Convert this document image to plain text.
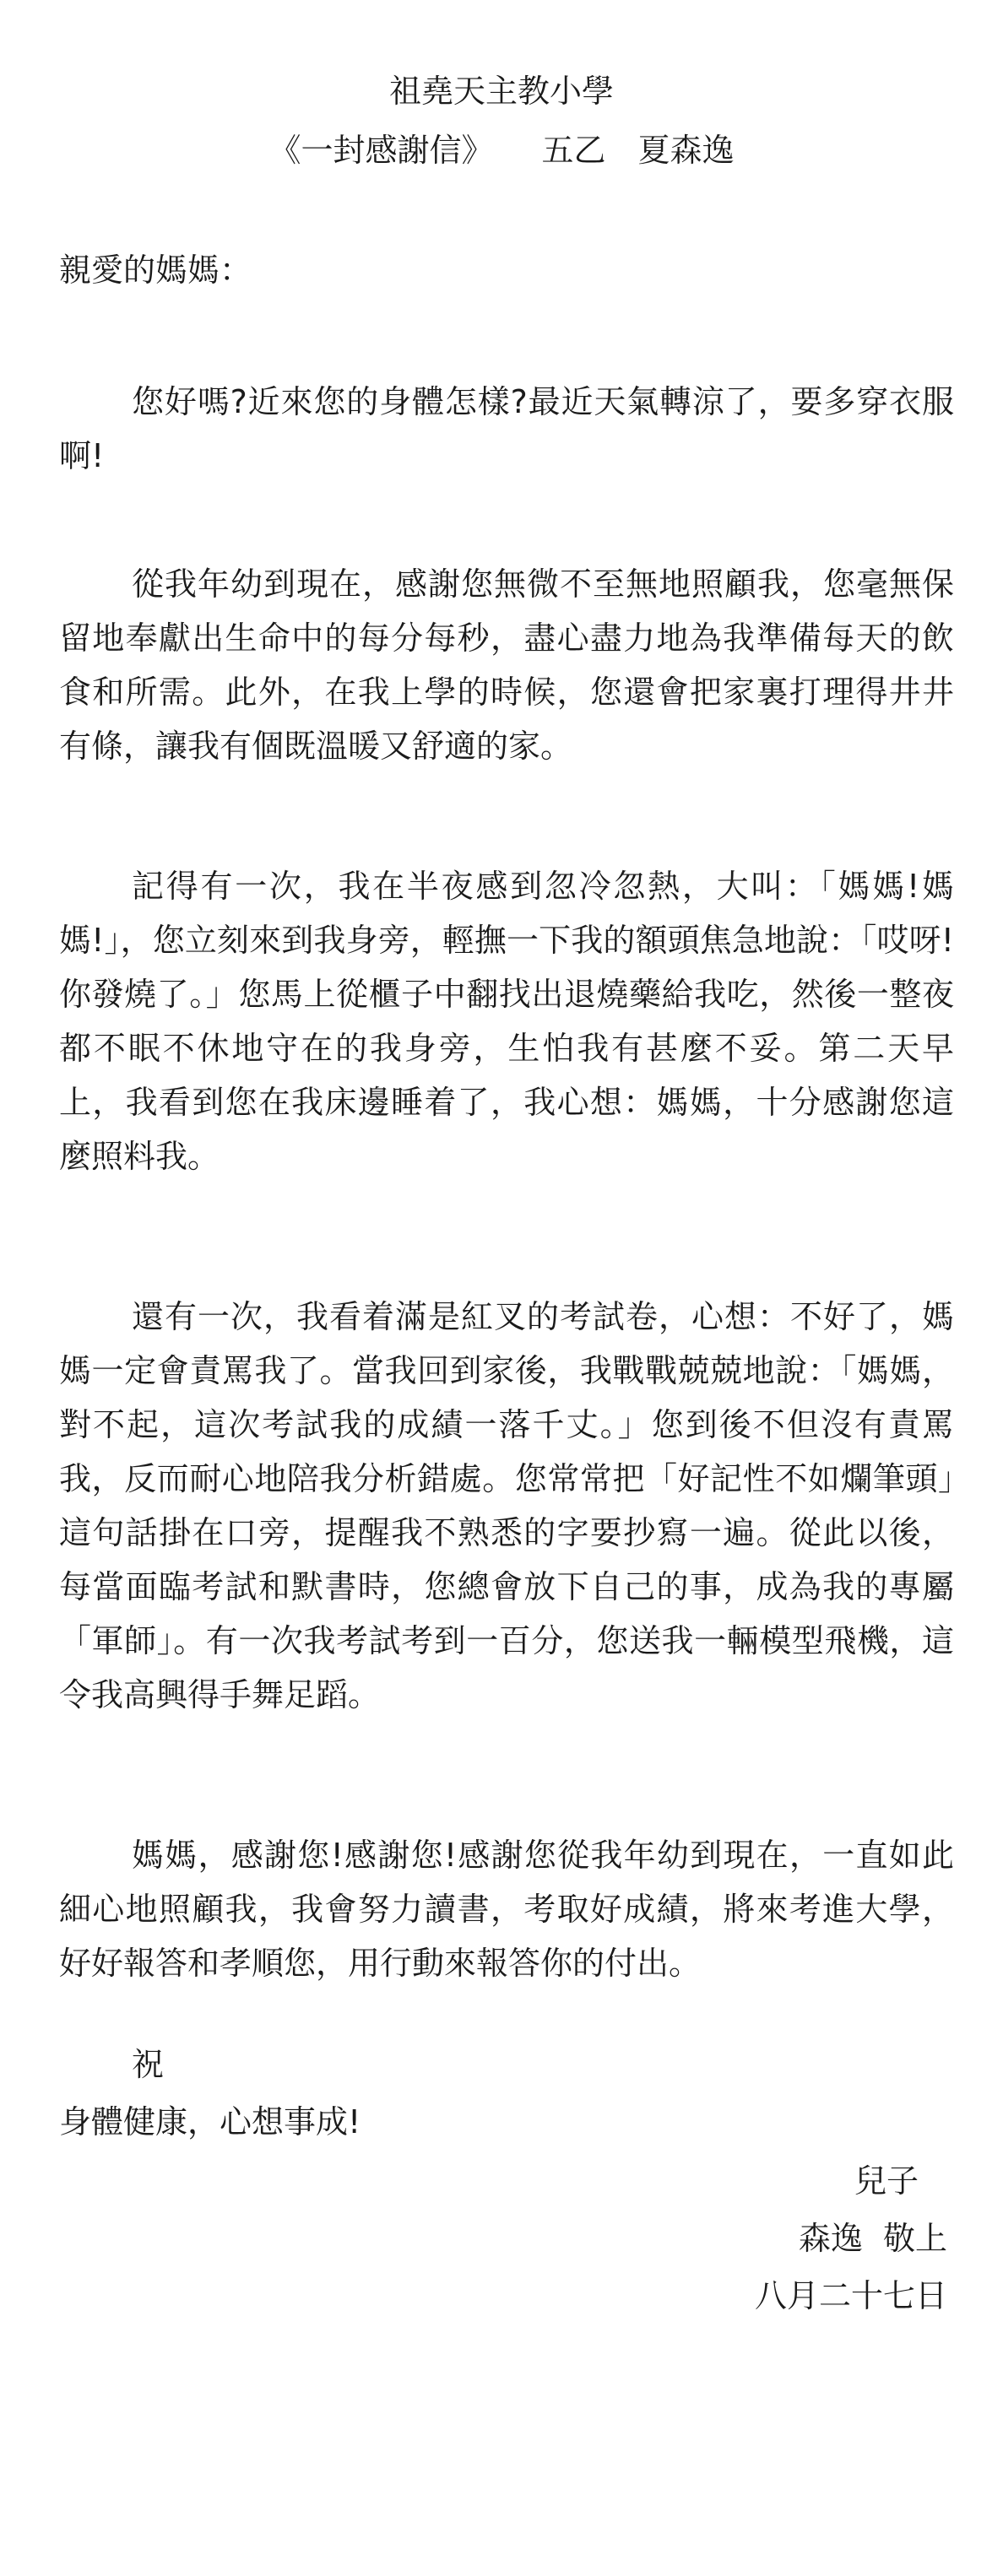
祖堯天主教小學
《一封感謝信》　　五乙　夏森逸

親愛的媽媽：

您好嗎?近來您的身體怎樣?最近天氣轉涼了，要多穿衣服啊!

從我年幼到現在，感謝您無微不至無地照顧我，您毫無保留地奉獻出生命中的每分每秒，盡心盡力地為我準備每天的飲食和所需。此外，在我上學的時候，您還會把家裏打理得井井有條，讓我有個既溫暖又舒適的家。

記得有一次，我在半夜感到忽冷忽熱，大叫：「媽媽!媽媽!」，您立刻來到我身旁，輕撫一下我的額頭焦急地說：「哎呀!你發燒了。」您馬上從櫃子中翻找出退燒藥給我吃，然後一整夜都不眠不休地守在的我身旁，生怕我有甚麼不妥。第二天早上，我看到您在我床邊睡着了，我心想：媽媽，十分感謝您這麼照料我。

還有一次，我看着滿是紅叉的考試卷，心想：不好了，媽媽一定會責罵我了。當我回到家後，我戰戰兢兢地說：「媽媽，對不起，這次考試我的成績一落千丈。」您到後不但沒有責罵我，反而耐心地陪我分析錯處。您常常把「好記性不如爛筆頭」這句話掛在口旁，提醒我不熟悉的字要抄寫一遍。從此以後，每當面臨考試和默書時，您總會放下自己的事，成為我的專屬「軍師」。有一次我考試考到一百分，您送我一輛模型飛機，這令我高興得手舞足蹈。

媽媽，感謝您!感謝您!感謝您從我年幼到現在，一直如此細心地照顧我，我會努力讀書，考取好成績，將來考進大學，好好報答和孝順您，用行動來報答你的付出。

祝

身體健康，心想事成!

兒子

森逸  敬上

八月二十七日
